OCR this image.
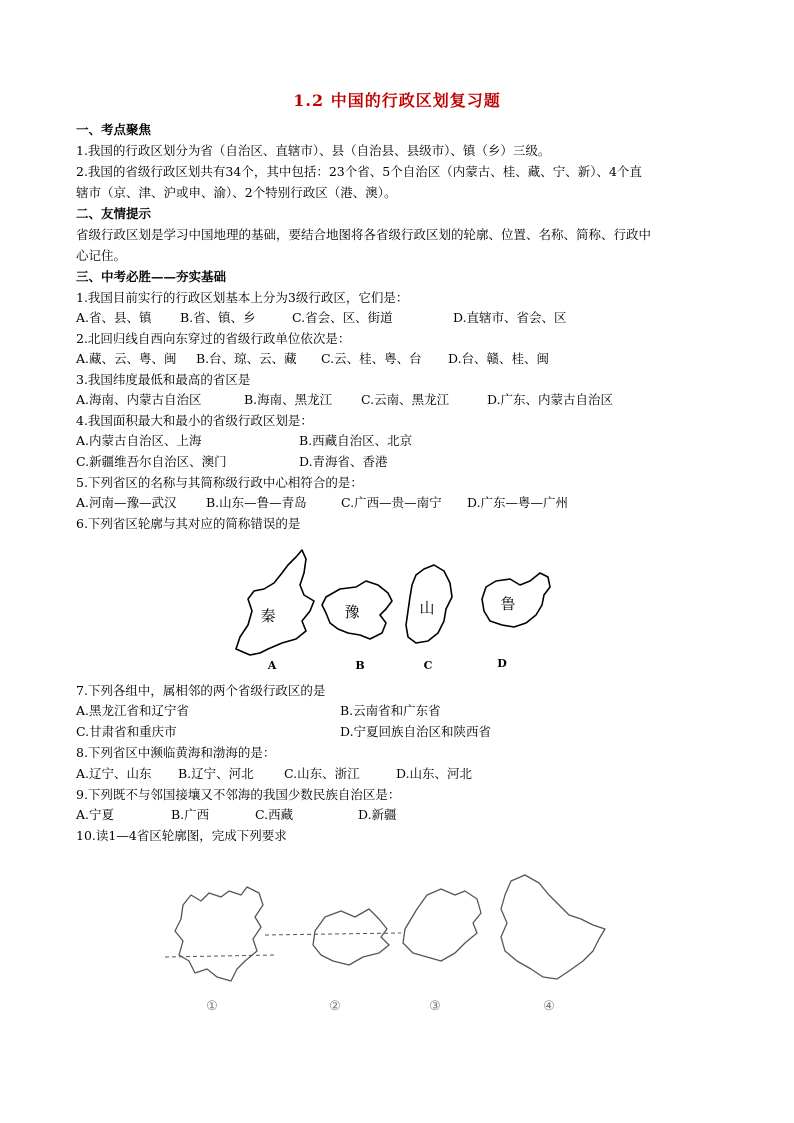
1.2 中国的行政区划复习题
一、考点聚焦
1.我国的行政区划分为省（自治区、直辖市）、县（自治县、县级市）、镇（乡）三级。
2.我国的省级行政区划共有34个，其中包括：23个省、5个自治区（内蒙古、桂、藏、宁、新）、4个直
辖市（京、津、沪或申、渝）、2个特别行政区（港、澳）。
二、友情提示
省级行政区划是学习中国地理的基础，要结合地图将各省级行政区划的轮廓、位置、名称、简称、行政中
心记住。
三、中考必胜——夯实基础
1.我国目前实行的行政区划基本上分为3级行政区，它们是：
A.省、县、镇 B.省、镇、乡	C.省会、区、街道	D.直辖市、省会、区
2.北回归线自西向东穿过的省级行政单位依次是：
A.藏、云、粤、闽 B.台、琼、云、藏 C.云、桂、粤、台 D.台、赣、桂、闽
3.我国纬度最低和最高的省区是
A.海南、内蒙古自治区	B.海南、黑龙江 C.云南、黑龙江	D.广东、内蒙古自治区
4.我国面积最大和最小的省级行政区划是：
A.内蒙古自治区、上海	B.西藏自治区、北京
C.新疆维吾尔自治区、澳门	D.青海省、香港
5.下列省区的名称与其简称级行政中心相符合的是：
A.河南—豫—武汉 B.山东—鲁—青岛	C.广西—贵—南宁 D.广东—粤—广州
6.下列省区轮廓与其对应的简称错误的是
秦	豫	山	鲁
A	B	C	D
7.下列各组中，属相邻的两个省级行政区的是
A.黑龙江省和辽宁省	B.云南省和广东省
C.甘肃省和重庆市	D.宁夏回族自治区和陕西省
8.下列省区中濒临黄海和渤海的是：
A.辽宁、山东 B.辽宁、河北 C.山东、浙江	D.山东、河北
9.下列既不与邻国接壤又不邻海的我国少数民族自治区是：
A.宁夏	B.广西	C.西藏	D.新疆
10.读1—4省区轮廓图，完成下列要求
①	②	③	④
